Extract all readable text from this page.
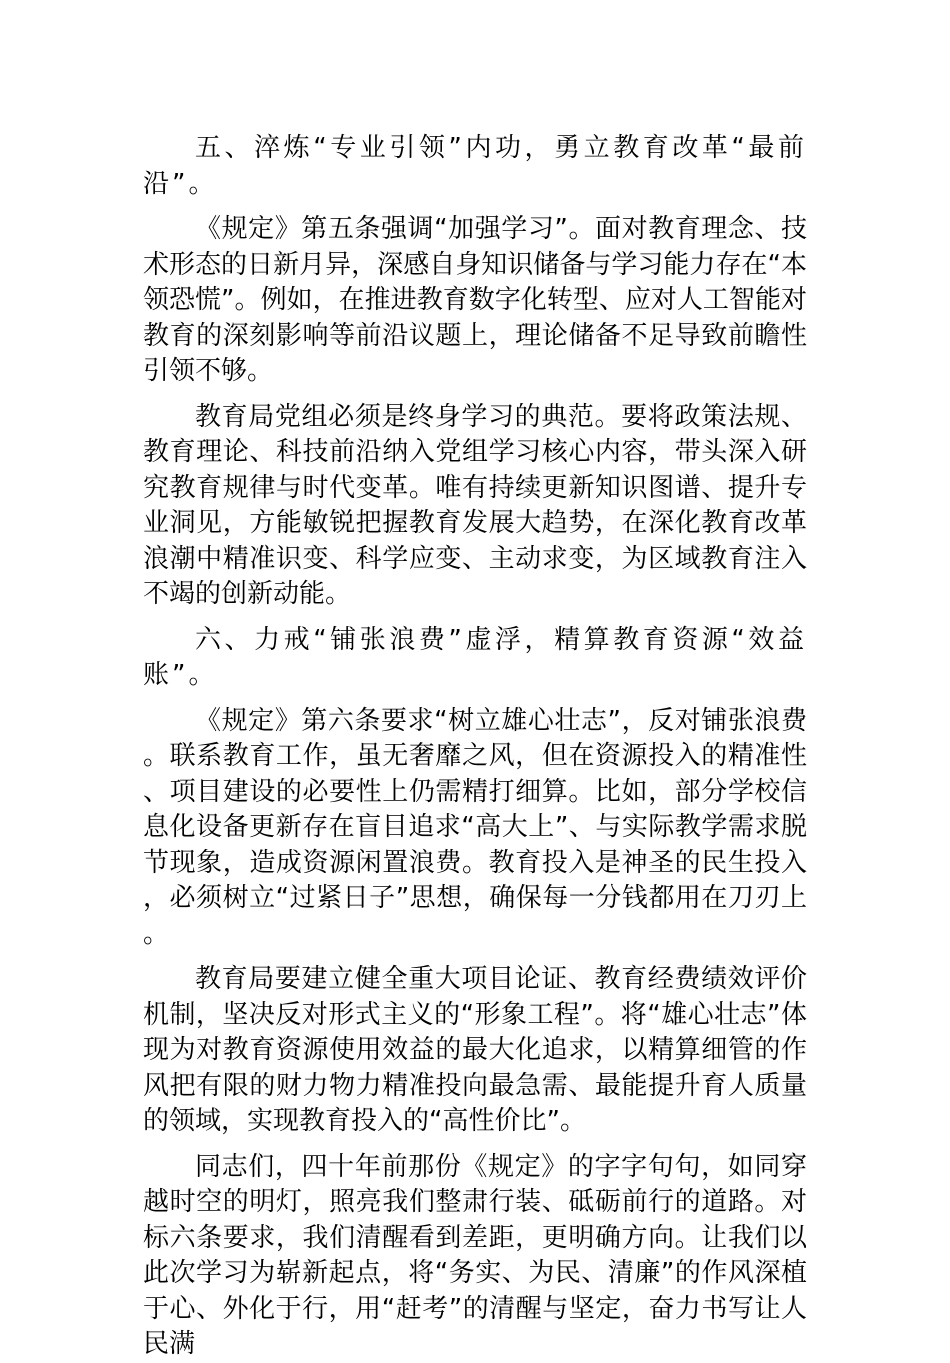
五、淬炼“专业引领”内功，勇立教育改革“最前沿”。

《规定》第五条强调“加强学习”。面对教育理念、技术形态的日新月异，深感自身知识储备与学习能力存在“本领恐慌”。例如，在推进教育数字化转型、应对人工智能对教育的深刻影响等前沿议题上，理论储备不足导致前瞻性引领不够。

教育局党组必须是终身学习的典范。要将政策法规、教育理论、科技前沿纳入党组学习核心内容，带头深入研究教育规律与时代变革。唯有持续更新知识图谱、提升专业洞见，方能敏锐把握教育发展大趋势，在深化教育改革浪潮中精准识变、科学应变、主动求变，为区域教育注入不竭的创新动能。

六、力戒“铺张浪费”虚浮，精算教育资源“效益账”。

《规定》第六条要求“树立雄心壮志”，反对铺张浪费。联系教育工作，虽无奢靡之风，但在资源投入的精准性、项目建设的必要性上仍需精打细算。比如，部分学校信息化设备更新存在盲目追求“高大上”、与实际教学需求脱节现象，造成资源闲置浪费。教育投入是神圣的民生投入，必须树立“过紧日子”思想，确保每一分钱都用在刀刃上。

教育局要建立健全重大项目论证、教育经费绩效评价机制，坚决反对形式主义的“形象工程”。将“雄心壮志”体现为对教育资源使用效益的最大化追求，以精算细管的作风把有限的财力物力精准投向最急需、最能提升育人质量的领域，实现教育投入的“高性价比”。

同志们，四十年前那份《规定》的字字句句，如同穿越时空的明灯，照亮我们整肃行装、砥砺前行的道路。对标六条要求，我们清醒看到差距，更明确方向。让我们以此次学习为崭新起点，将“务实、为民、清廉”的作风深植于心、外化于行，用“赶考”的清醒与坚定，奋力书写让人民满
